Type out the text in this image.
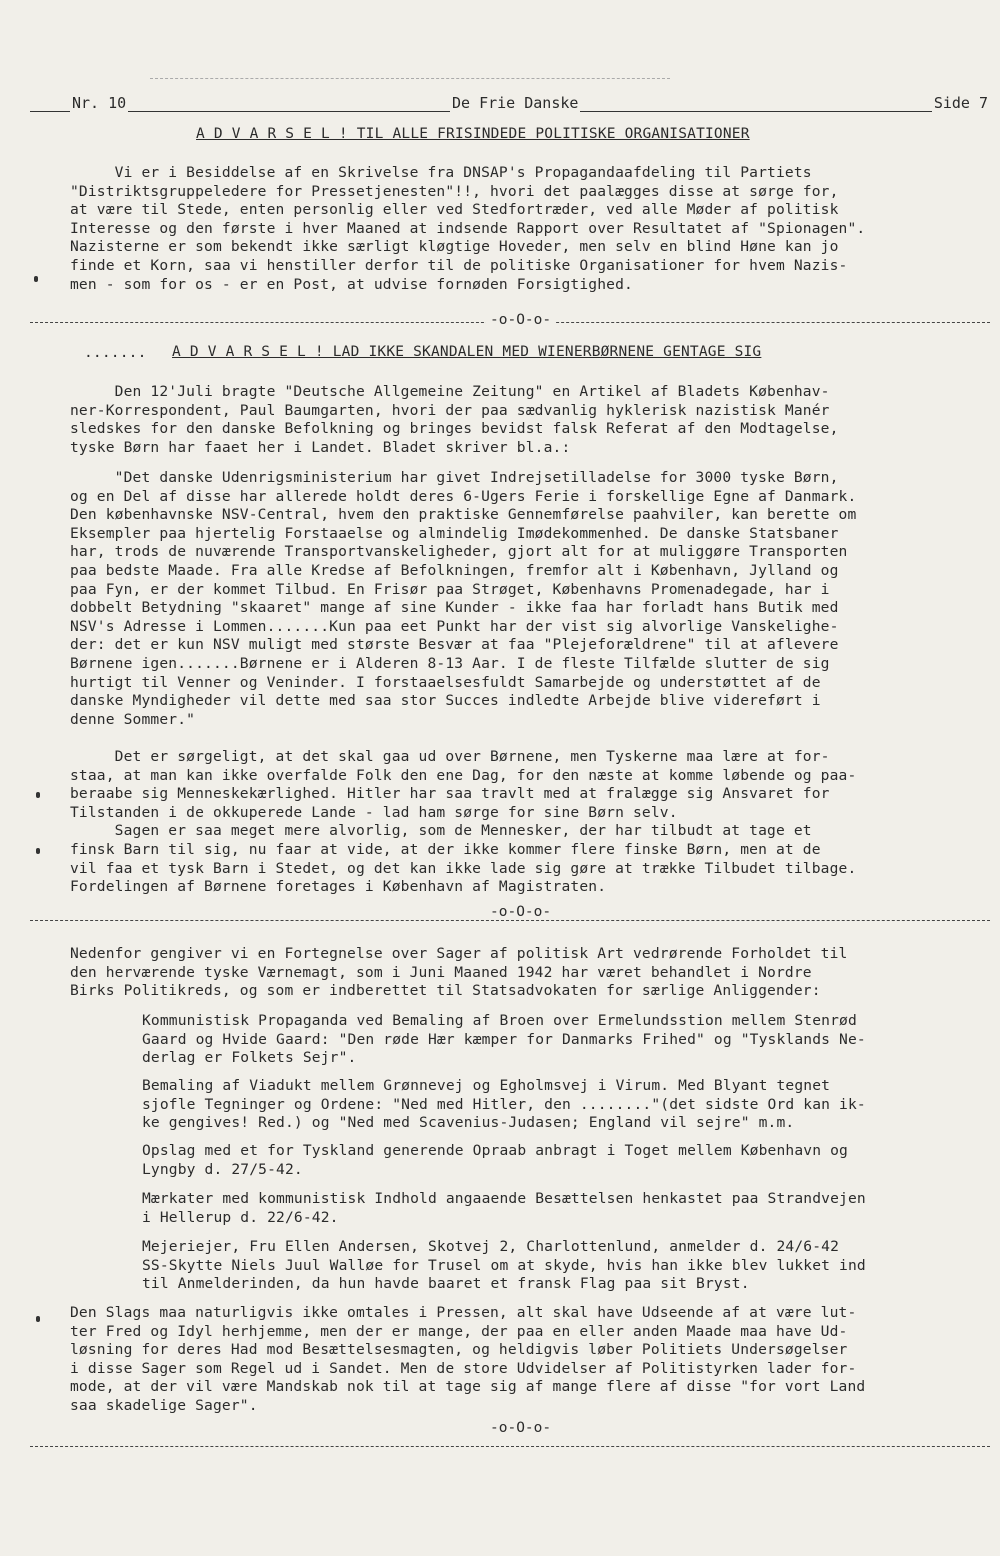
Nr. 10	De Frie Danske	Side 7
A D V A R S E L ! TIL ALLE FRISINDEDE POLITISKE ORGANISATIONER
Vi er i Besiddelse af en Skrivelse fra DNSAP's Propagandaafdeling til Partiets
"Distriktsgruppeledere for Pressetjenesten"!!, hvori det paalægges disse at sørge for,
at være til Stede, enten personlig eller ved Stedfortræder, ved alle Møder af politisk
Interesse og den første i hver Maaned at indsende Rapport over Resultatet af "Spionagen".
Nazisterne er som bekendt ikke særligt kløgtige Hoveder, men selv en blind Høne kan jo
finde et Korn, saa vi henstiller derfor til de politiske Organisationer for hvem Nazis-
men - som for os - er en Post, at udvise fornøden Forsigtighed.
-o-O-o-
....... A D V A R S E L ! LAD IKKE SKANDALEN MED WIENERBØRNENE GENTAGE SIG
Den 12'Juli bragte "Deutsche Allgemeine Zeitung" en Artikel af Bladets Københav-
ner-Korrespondent, Paul Baumgarten, hvori der paa sædvanlig hyklerisk nazistisk Manér
sledskes for den danske Befolkning og bringes bevidst falsk Referat af den Modtagelse,
tyske Børn har faaet her i Landet. Bladet skriver bl.a.:
"Det danske Udenrigsministerium har givet Indrejsetilladelse for 3000 tyske Børn,
og en Del af disse har allerede holdt deres 6-Ugers Ferie i forskellige Egne af Danmark.
Den københavnske NSV-Central, hvem den praktiske Gennemførelse paahviler, kan berette om
Eksempler paa hjertelig Forstaaelse og almindelig Imødekommenhed. De danske Statsbaner
har, trods de nuværende Transportvanskeligheder, gjort alt for at muliggøre Transporten
paa bedste Maade. Fra alle Kredse af Befolkningen, fremfor alt i København, Jylland og
paa Fyn, er der kommet Tilbud. En Frisør paa Strøget, Københavns Promenadegade, har i
dobbelt Betydning "skaaret" mange af sine Kunder - ikke faa har forladt hans Butik med
NSV's Adresse i Lommen.......Kun paa eet Punkt har der vist sig alvorlige Vanskelighe-
der: det er kun NSV muligt med største Besvær at faa "Plejeforældrene" til at aflevere
Børnene igen.......Børnene er i Alderen 8-13 Aar. I de fleste Tilfælde slutter de sig
hurtigt til Venner og Veninder. I forstaaelsesfuldt Samarbejde og understøttet af de
danske Myndigheder vil dette med saa stor Succes indledte Arbejde blive videreført i
denne Sommer."
Det er sørgeligt, at det skal gaa ud over Børnene, men Tyskerne maa lære at for-
staa, at man kan ikke overfalde Folk den ene Dag, for den næste at komme løbende og paa-
beraabe sig Menneskekærlighed. Hitler har saa travlt med at fralægge sig Ansvaret for
Tilstanden i de okkuperede Lande - lad ham sørge for sine Børn selv.
Sagen er saa meget mere alvorlig, som de Mennesker, der har tilbudt at tage et
finsk Barn til sig, nu faar at vide, at der ikke kommer flere finske Børn, men at de
vil faa et tysk Barn i Stedet, og det kan ikke lade sig gøre at trække Tilbudet tilbage.
Fordelingen af Børnene foretages i København af Magistraten.
-o-O-o-
Nedenfor gengiver vi en Fortegnelse over Sager af politisk Art vedrørende Forholdet til
den herværende tyske Værnemagt, som i Juni Maaned 1942 har været behandlet i Nordre
Birks Politikreds, og som er indberettet til Statsadvokaten for særlige Anliggender:
Kommunistisk Propaganda ved Bemaling af Broen over Ermelundsstion mellem Stenrød
Gaard og Hvide Gaard: "Den røde Hær kæmper for Danmarks Frihed" og "Tysklands Ne-
derlag er Folkets Sejr".
Bemaling af Viadukt mellem Grønnevej og Egholmsvej i Virum. Med Blyant tegnet
sjofle Tegninger og Ordene: "Ned med Hitler, den ........"(det sidste Ord kan ik-
ke gengives! Red.) og "Ned med Scavenius-Judasen; England vil sejre" m.m.
Opslag med et for Tyskland generende Opraab anbragt i Toget mellem København og
Lyngby d. 27/5-42.
Mærkater med kommunistisk Indhold angaaende Besættelsen henkastet paa Strandvejen
i Hellerup d. 22/6-42.
Mejeriejer, Fru Ellen Andersen, Skotvej 2, Charlottenlund, anmelder d. 24/6-42
SS-Skytte Niels Juul Walløe for Trusel om at skyde, hvis han ikke blev lukket ind
til Anmelderinden, da hun havde baaret et fransk Flag paa sit Bryst.
Den Slags maa naturligvis ikke omtales i Pressen, alt skal have Udseende af at være lut-
ter Fred og Idyl herhjemme, men der er mange, der paa en eller anden Maade maa have Ud-
løsning for deres Had mod Besættelsesmagten, og heldigvis løber Politiets Undersøgelser
i disse Sager som Regel ud i Sandet. Men de store Udvidelser af Politistyrken lader for-
mode, at der vil være Mandskab nok til at tage sig af mange flere af disse "for vort Land
saa skadelige Sager".
-o-O-o-
